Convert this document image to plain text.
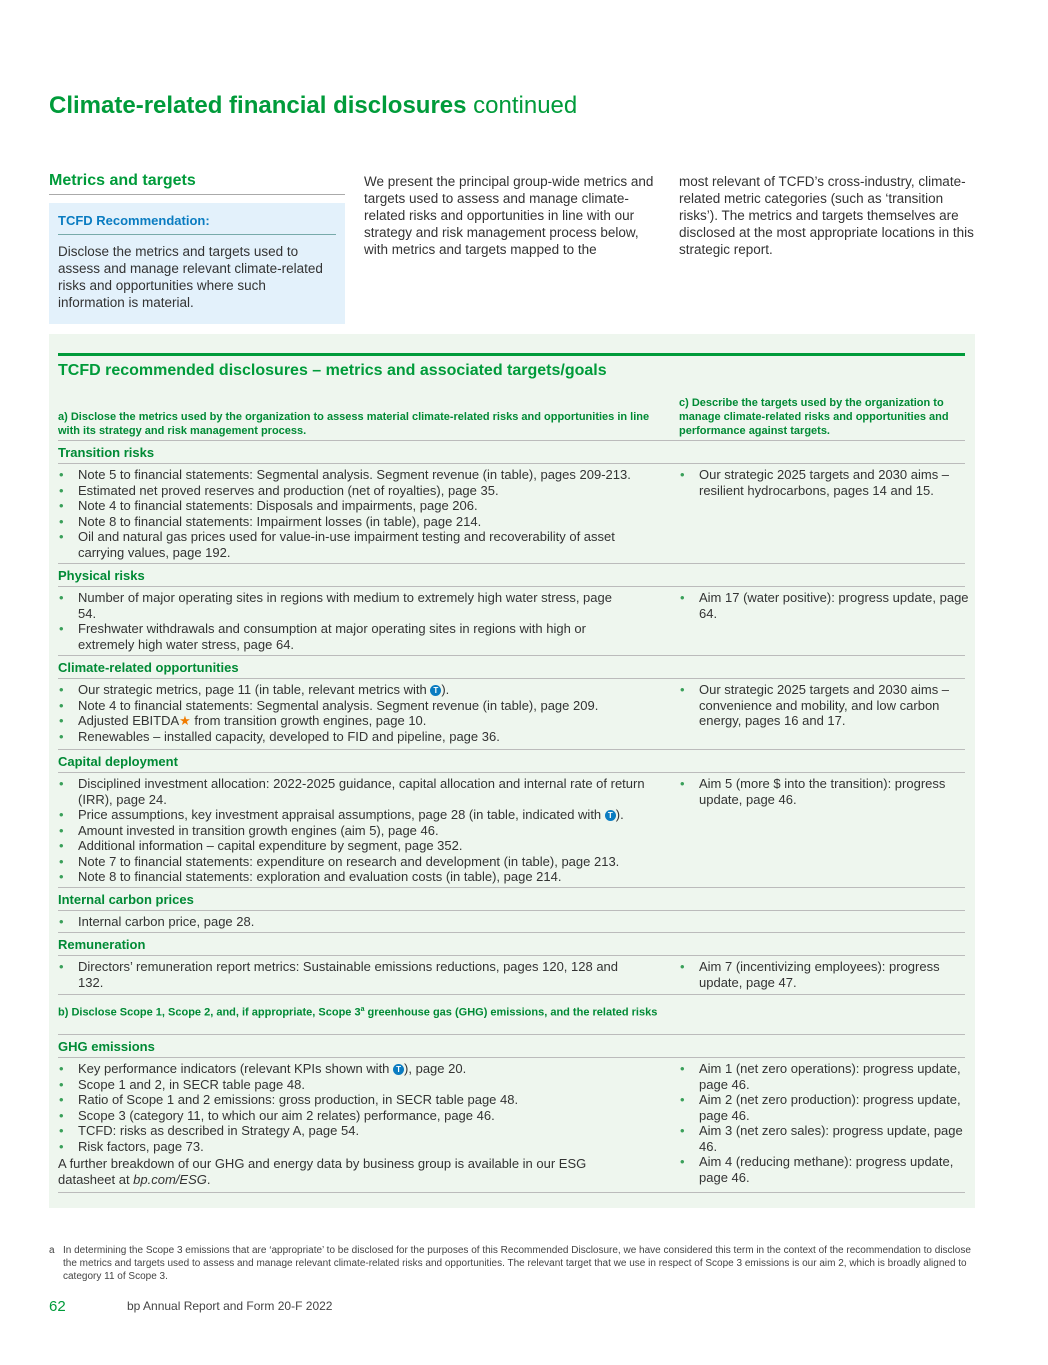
Climate-related financial disclosures continued
Metrics and targets
TCFD Recommendation:
Disclose the metrics and targets used to assess and manage relevant climate-related risks and opportunities where such information is material.
We present the principal group-wide metrics and targets used to assess and manage climate-related risks and opportunities in line with our strategy and risk management process below, with metrics and targets mapped to the
most relevant of TCFD’s cross-industry, climate-related metric categories (such as ‘transition risks’). The metrics and targets themselves are disclosed at the most appropriate locations in this strategic report.
TCFD recommended disclosures – metrics and associated targets/goals
a) Disclose the metrics used by the organization to assess material climate-related risks and opportunities in line with its strategy and risk management process.
c) Describe the targets used by the organization to manage climate-related risks and opportunities and performance against targets.
Transition risks
• Note 5 to financial statements: Segmental analysis. Segment revenue (in table), pages 209-213.
• Estimated net proved reserves and production (net of royalties), page 35.
• Note 4 to financial statements: Disposals and impairments, page 206.
• Note 8 to financial statements: Impairment losses (in table), page 214.
• Oil and natural gas prices used for value-in-use impairment testing and recoverability of asset carrying values, page 192.
• Our strategic 2025 targets and 2030 aims – resilient hydrocarbons, pages 14 and 15.
Physical risks
• Number of major operating sites in regions with medium to extremely high water stress, page 54.
• Freshwater withdrawals and consumption at major operating sites in regions with high or extremely high water stress, page 64.
• Aim 17 (water positive): progress update, page 64.
Climate-related opportunities
• Our strategic metrics, page 11 (in table, relevant metrics with T ).
• Note 4 to financial statements: Segmental analysis. Segment revenue (in table), page 209.
• Adjusted EBITDA★ from transition growth engines, page 10.
• Renewables – installed capacity, developed to FID and pipeline, page 36.
• Our strategic 2025 targets and 2030 aims – convenience and mobility, and low carbon energy, pages 16 and 17.
Capital deployment
• Disciplined investment allocation: 2022-2025 guidance, capital allocation and internal rate of return (IRR), page 24.
• Price assumptions, key investment appraisal assumptions, page 28 (in table, indicated with T ).
• Amount invested in transition growth engines (aim 5), page 46.
• Additional information – capital expenditure by segment, page 352.
• Note 7 to financial statements: expenditure on research and development (in table), page 213.
• Note 8 to financial statements: exploration and evaluation costs (in table), page 214.
• Aim 5 (more $ into the transition): progress update, page 46.
Internal carbon prices
• Internal carbon price, page 28.
Remuneration
• Directors’ remuneration report metrics: Sustainable emissions reductions, pages 120, 128 and 132.
• Aim 7 (incentivizing employees): progress update, page 47.
b) Disclose Scope 1, Scope 2, and, if appropriate, Scope 3$^a$ greenhouse gas (GHG) emissions, and the related risks
GHG emissions
• Key performance indicators (relevant KPIs shown with T ), page 20.
• Scope 1 and 2, in SECR table page 48.
• Ratio of Scope 1 and 2 emissions: gross production, in SECR table page 48.
• Scope 3 (category 11, to which our aim 2 relates) performance, page 46.
• TCFD: risks as described in Strategy A, page 54.
• Risk factors, page 73.
A further breakdown of our GHG and energy data by business group is available in our ESG datasheet at bp.com/ESG.
• Aim 1 (net zero operations): progress update, page 46.
• Aim 2 (net zero production): progress update, page 46.
• Aim 3 (net zero sales): progress update, page 46.
• Aim 4 (reducing methane): progress update, page 46.
a In determining the Scope 3 emissions that are ‘appropriate’ to be disclosed for the purposes of this Recommended Disclosure, we have considered this term in the context of the recommendation to disclose the metrics and targets used to assess and manage relevant climate-related risks and opportunities. The relevant target that we use in respect of Scope 3 emissions is our aim 2, which is broadly aligned to category 11 of Scope 3.
62	bp Annual Report and Form 20-F 2022
